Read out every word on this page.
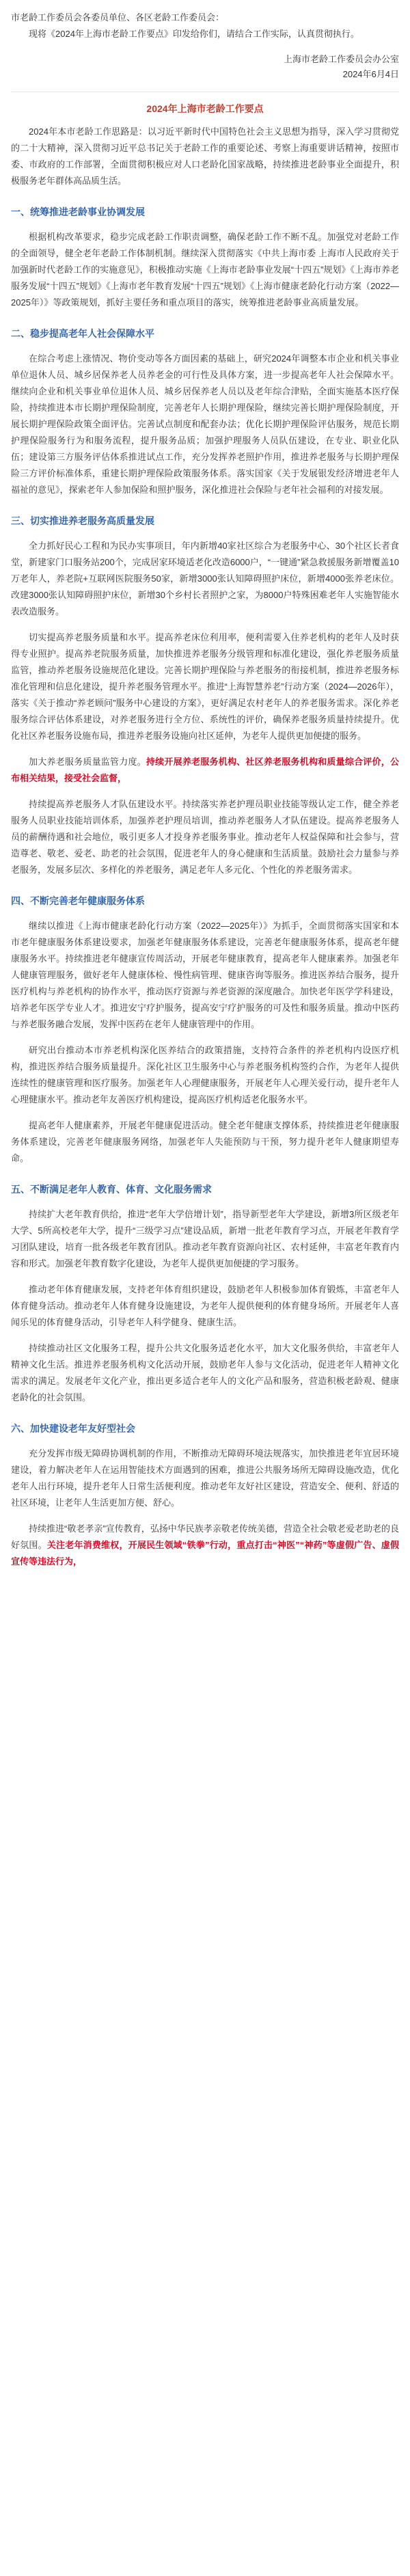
市老龄工作委员会各委员单位、各区老龄工作委员会：

现将《2024年上海市老龄工作要点》印发给你们，请结合工作实际，认真贯彻执行。

上海市老龄工作委员会办公室
2024年6月4日
2024年上海市老龄工作要点

2024年本市老龄工作思路是：以习近平新时代中国特色社会主义思想为指导，深入学习贯彻党的二十大精神，深入贯彻习近平总书记关于老龄工作的重要论述、考察上海重要讲话精神，按照市委、市政府的工作部署，全面贯彻积极应对人口老龄化国家战略，持续推进老龄事业全面提升，积极服务老年群体高品质生活。

一、统筹推进老龄事业协调发展

根据机构改革要求，稳步完成老龄工作职责调整，确保老龄工作不断不乱。加强党对老龄工作的全面领导，健全老年老龄工作体制机制。继续深入贯彻落实《中共上海市委 上海市人民政府关于加强新时代老龄工作的实施意见》，积极推动实施《上海市老龄事业发展“十四五”规划》《上海市养老服务发展“十四五”规划》《上海市老年教育发展“十四五”规划》《上海市健康老龄化行动方案（2022—2025年）》等政策规划，抓好主要任务和重点项目的落实，统筹推进老龄事业高质量发展。

二、稳步提高老年人社会保障水平

在综合考虑上涨情况、物价变动等各方面因素的基础上，研究2024年调整本市企业和机关事业单位退休人员、城乡居保养老人员养老金的可行性及具体方案，进一步提高老年人社会保障水平。继续向企业和机关事业单位退休人员、城乡居保养老人员以及老年综合津贴，全面实施基本医疗保险，持续推进本市长期护理保险制度，完善老年人长期护理保险，继续完善长期护理保险制度，开展长期护理保险政策全面评估。完善试点制度和配套办法；优化长期护理保险评估服务，规范长期护理保险服务行为和服务流程，提升服务品质；加强护理服务人员队伍建设，在专业、职业化队伍；建设第三方服务评估体系推进试点工作，充分发挥养老照护作用，推进养老服务与长期护理保险三方评价标准体系，重建长期护理保险政策服务体系。落实国家《关于发展银发经济增进老年人福祉的意见》，探索老年人参加保险和照护服务，深化推进社会保险与老年社会福利的对接发展。

三、切实推进养老服务高质量发展

全力抓好民心工程和为民办实事项目，年内新增40家社区综合为老服务中心、30个社区长者食堂，新建家门口服务站200个，完成居家环境适老化改造6000户，“一键通”紧急救援服务新增覆盖10万老年人，养老院+互联网医院服务50家，新增3000张认知障碍照护床位，新增4000张养老床位。改建3000张认知障碍照护床位，新增30个乡村长者照护之家，为8000户特殊困难老年人实施智能水表改造服务。

切实提高养老服务质量和水平。提高养老床位利用率，便利需要入住养老机构的老年人及时获得专业照护。提高养老院服务质量，加快推进养老服务分级管理和标准化建设，强化养老服务质量监管，推动养老服务设施规范化建设。完善长期护理保险与养老服务的衔接机制，推进养老服务标准化管理和信息化建设，提升养老服务管理水平。推进“上海智慧养老”行动方案（2024—2026年），落实《关于推动“养老顾问”服务中心建设的方案》，更好满足农村老年人的养老服务需求。深化养老服务综合评估体系建设，对养老服务进行全方位、系统性的评价，确保养老服务质量持续提升。优化社区养老服务设施布局，推进养老服务设施向社区延伸，为老年人提供更加便捷的服务。

加大养老服务质量监管力度。持续开展养老服务机构、社区养老服务机构和质量综合评价，公布相关结果，接受社会监督，

持续提高养老服务人才队伍建设水平。持续落实养老护理员职业技能等级认定工作，健全养老服务人员职业技能培训体系，加强养老护理员培训，推动养老服务人才队伍建设。提高养老服务人员的薪酬待遇和社会地位，吸引更多人才投身养老服务事业。推动老年人权益保障和社会参与，营造尊老、敬老、爱老、助老的社会氛围，促进老年人的身心健康和生活质量。鼓励社会力量参与养老服务，发展多层次、多样化的养老服务，满足老年人多元化、个性化的养老服务需求。

四、不断完善老年健康服务体系

继续以推进《上海市健康老龄化行动方案（2022—2025年）》为抓手，全面贯彻落实国家和本市老年健康服务体系建设要求，加强老年健康服务体系建设，完善老年健康服务体系，提高老年健康服务水平。持续推进老年健康宣传周活动，开展老年健康教育，提高老年人健康素养。加强老年人健康管理服务，做好老年人健康体检、慢性病管理、健康咨询等服务。推进医养结合服务，提升医疗机构与养老机构的协作水平，推动医疗资源与养老资源的深度融合。加快老年医学学科建设，培养老年医学专业人才。推进安宁疗护服务，提高安宁疗护服务的可及性和服务质量。推动中医药与养老服务融合发展，发挥中医药在老年人健康管理中的作用。

研究出台推动本市养老机构深化医养结合的政策措施，支持符合条件的养老机构内设医疗机构，推进医养结合服务质量提升。深化社区卫生服务中心与养老服务机构签约合作，为老年人提供连续性的健康管理和医疗服务。加强老年人心理健康服务，开展老年人心理关爱行动，提升老年人心理健康水平。推动老年友善医疗机构建设，提高医疗机构适老化服务水平。

提高老年人健康素养，开展老年健康促进活动。健全老年健康支撑体系，持续推进老年健康服务体系建设，完善老年健康服务网络，加强老年人失能预防与干预，努力提升老年人健康期望寿命。

五、不断满足老年人教育、体育、文化服务需求

持续扩大老年教育供给，推进“老年大学倍增计划”，指导新型老年大学建设，新增3所区级老年大学、5所高校老年大学，提升“三级学习点”建设品质，新增一批老年教育学习点，开展老年教育学习团队建设，培育一批各级老年教育团队。推动老年教育资源向社区、农村延伸，丰富老年教育内容和形式。加强老年教育数字化建设，为老年人提供更加便捷的学习服务。

推动老年体育健康发展，支持老年体育组织建设，鼓励老年人积极参加体育锻炼，丰富老年人体育健身活动。推动老年人体育健身设施建设，为老年人提供便利的体育健身场所。开展老年人喜闻乐见的体育健身活动，引导老年人科学健身、健康生活。

持续推动社区文化服务工程，提升公共文化服务适老化水平，加大文化服务供给，丰富老年人精神文化生活。推进养老服务机构文化活动开展，鼓励老年人参与文化活动，促进老年人精神文化需求的满足。发展老年文化产业，推出更多适合老年人的文化产品和服务，营造积极老龄观、健康老龄化的社会氛围。

六、加快建设老年友好型社会

充分发挥市级无障碍协调机制的作用，不断推动无障碍环境法规落实，加快推进老年宜居环境建设，着力解决老年人在运用智能技术方面遇到的困难，推进公共服务场所无障碍设施改造，优化老年人出行环境，提升老年人日常生活便利度。推动老年友好社区建设，营造安全、便利、舒适的社区环境，让老年人生活更加方便、舒心。

持续推进“敬老孝亲”宣传教育，弘扬中华民族孝亲敬老传统美德，营造全社会敬老爱老助老的良好氛围。关注老年消费维权，开展民生领域“铁拳”行动，重点打击“神医”“神药”等虚假广告、虚假宣传等违法行为，
